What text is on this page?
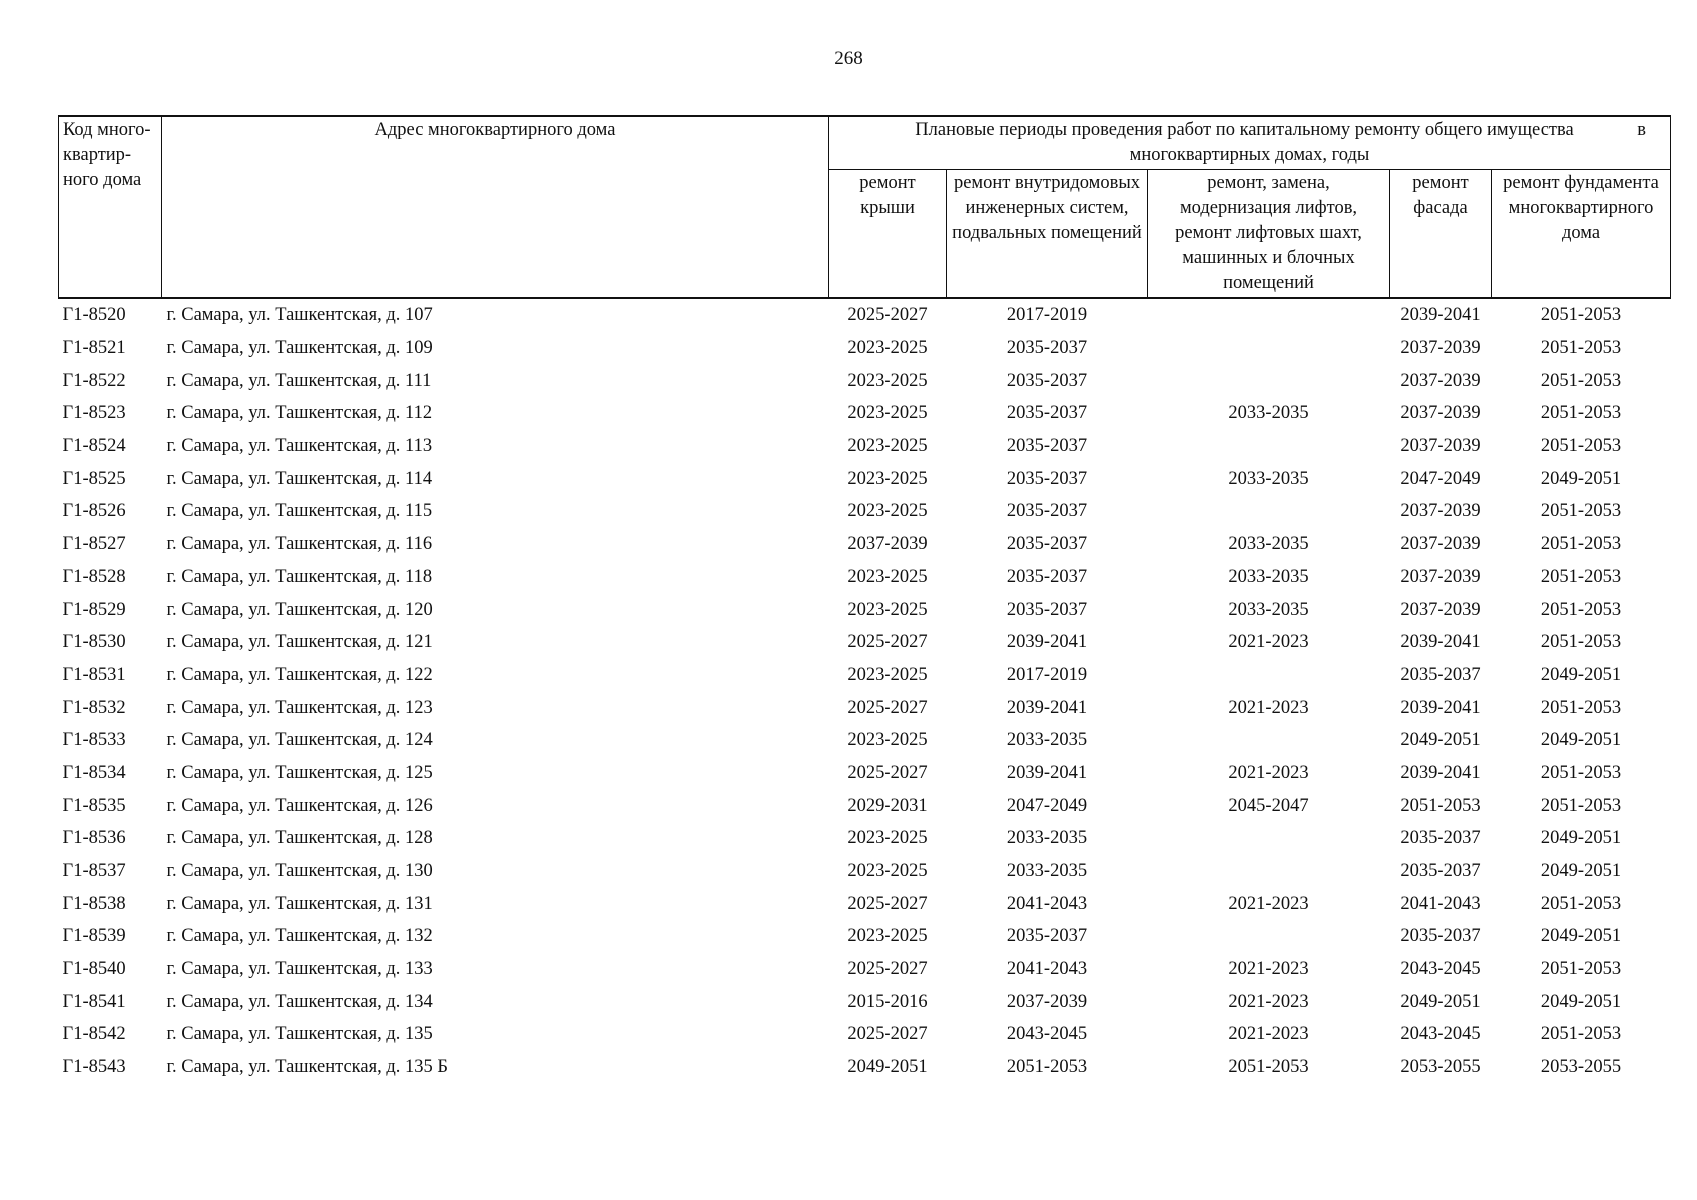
268
Код много-квартир-ного дома	Адрес многоквартирного дома	Плановые периоды проведения работ по капитальному ремонту общего имущества в
многоквартирных домах, годы				

		ремонт крыши	ремонт внутридомовых инженерных систем, подвальных помещений	ремонт, замена, модернизация лифтов, ремонт лифтовых шахт, машинных и блочных помещений	ремонт фасада	ремонт фундамента многоквартирного дома
Г1-8520	г. Самара, ул. Ташкентская, д. 107	2025-2027	2017-2019		2039-2041	2051-2053
Г1-8521	г. Самара, ул. Ташкентская, д. 109	2023-2025	2035-2037		2037-2039	2051-2053
Г1-8522	г. Самара, ул. Ташкентская, д. 111	2023-2025	2035-2037		2037-2039	2051-2053
Г1-8523	г. Самара, ул. Ташкентская, д. 112	2023-2025	2035-2037	2033-2035	2037-2039	2051-2053
Г1-8524	г. Самара, ул. Ташкентская, д. 113	2023-2025	2035-2037		2037-2039	2051-2053
Г1-8525	г. Самара, ул. Ташкентская, д. 114	2023-2025	2035-2037	2033-2035	2047-2049	2049-2051
Г1-8526	г. Самара, ул. Ташкентская, д. 115	2023-2025	2035-2037		2037-2039	2051-2053
Г1-8527	г. Самара, ул. Ташкентская, д. 116	2037-2039	2035-2037	2033-2035	2037-2039	2051-2053
Г1-8528	г. Самара, ул. Ташкентская, д. 118	2023-2025	2035-2037	2033-2035	2037-2039	2051-2053
Г1-8529	г. Самара, ул. Ташкентская, д. 120	2023-2025	2035-2037	2033-2035	2037-2039	2051-2053
Г1-8530	г. Самара, ул. Ташкентская, д. 121	2025-2027	2039-2041	2021-2023	2039-2041	2051-2053
Г1-8531	г. Самара, ул. Ташкентская, д. 122	2023-2025	2017-2019		2035-2037	2049-2051
Г1-8532	г. Самара, ул. Ташкентская, д. 123	2025-2027	2039-2041	2021-2023	2039-2041	2051-2053
Г1-8533	г. Самара, ул. Ташкентская, д. 124	2023-2025	2033-2035		2049-2051	2049-2051
Г1-8534	г. Самара, ул. Ташкентская, д. 125	2025-2027	2039-2041	2021-2023	2039-2041	2051-2053
Г1-8535	г. Самара, ул. Ташкентская, д. 126	2029-2031	2047-2049	2045-2047	2051-2053	2051-2053
Г1-8536	г. Самара, ул. Ташкентская, д. 128	2023-2025	2033-2035		2035-2037	2049-2051
Г1-8537	г. Самара, ул. Ташкентская, д. 130	2023-2025	2033-2035		2035-2037	2049-2051
Г1-8538	г. Самара, ул. Ташкентская, д. 131	2025-2027	2041-2043	2021-2023	2041-2043	2051-2053
Г1-8539	г. Самара, ул. Ташкентская, д. 132	2023-2025	2035-2037		2035-2037	2049-2051
Г1-8540	г. Самара, ул. Ташкентская, д. 133	2025-2027	2041-2043	2021-2023	2043-2045	2051-2053
Г1-8541	г. Самара, ул. Ташкентская, д. 134	2015-2016	2037-2039	2021-2023	2049-2051	2049-2051
Г1-8542	г. Самара, ул. Ташкентская, д. 135	2025-2027	2043-2045	2021-2023	2043-2045	2051-2053
Г1-8543	г. Самара, ул. Ташкентская, д. 135 Б	2049-2051	2051-2053	2051-2053	2053-2055	2053-2055
